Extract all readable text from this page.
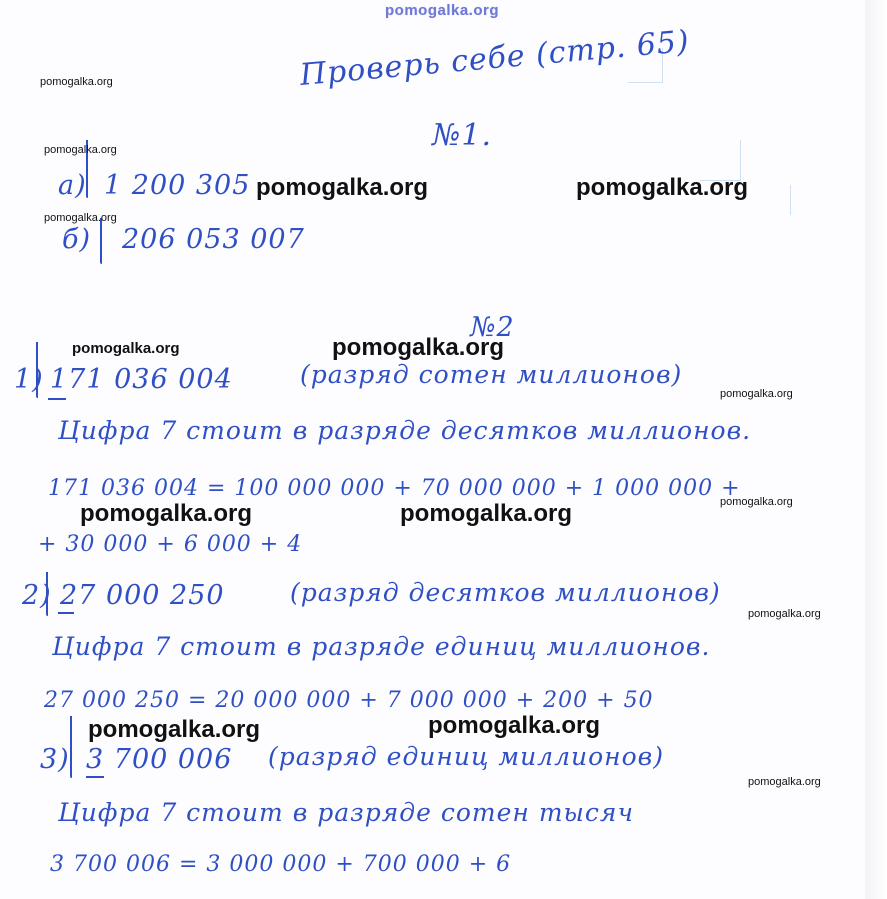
pomogalka.org
Проверь себе (стр. 65)
№1.
а) 1 200 305
б) 206 053 007
№2
1) 171 036 004	(разряд сотен миллионов)
Цифра 7 стоит в разряде десятков миллионов.
171 036 004 = 100 000 000 + 70 000 000 + 1 000 000 +
+ 30 000 + 6 000 + 4
2) 27 000 250	(разряд десятков миллионов)
Цифра 7 стоит в разряде единиц миллионов.
27 000 250 = 20 000 000 + 7 000 000 + 200 + 50
3) 3 700 006 (разряд единиц миллионов)
Цифра 7 стоит в разряде сотен тысяч
3 700 006 = 3 000 000 + 700 000 + 6
pomogalka.org
pomogalka.org
pomogalka.org
pomogalka.org
pomogalka.org
pomogalka.org
pomogalka.org
pomogalka.org	pomogalka.org
pomogalka.org
pomogalka.org
pomogalka.org	pomogalka.org
pomogalka.org	pomogalka.org
